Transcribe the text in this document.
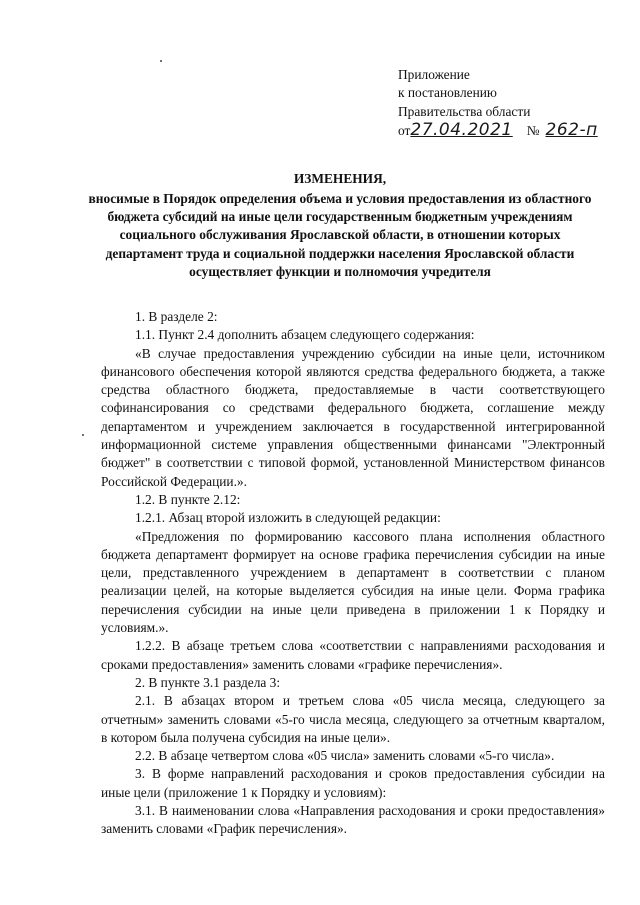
Приложение
к постановлению
Правительства области
от27.04.2021 № 262-п
ИЗМЕНЕНИЯ,
вносимые в Порядок определения объема и условия предоставления из областного бюджета субсидий на иные цели государственным бюджетным учреждениям социального обслуживания Ярославской области, в отношении которых департамент труда и социальной поддержки населения Ярославской области осуществляет функции и полномочия учредителя

1. В разделе 2:

1.1. Пункт 2.4 дополнить абзацем следующего содержания:

«В случае предоставления учреждению субсидии на иные цели, источником финансового обеспечения которой являются средства федерального бюджета, а также средства областного бюджета, предоставляемые в части соответствующего софинансирования со средствами федерального бюджета, соглашение между департаментом и учреждением заключается в государственной интегрированной информационной системе управления общественными финансами "Электронный бюджет" в соответствии с типовой формой, установленной Министерством финансов Российской Федерации.».

1.2. В пункте 2.12:

1.2.1. Абзац второй изложить в следующей редакции:

«Предложения по формированию кассового плана исполнения областного бюджета департамент формирует на основе графика перечисления субсидии на иные цели, представленного учреждением в департамент в соответствии с планом реализации целей, на которые выделяется субсидия на иные цели. Форма графика перечисления субсидии на иные цели приведена в приложении 1 к Порядку и условиям.».

1.2.2. В абзаце третьем слова «соответствии с направлениями расходования и сроками предоставления» заменить словами «графике перечисления».

2. В пункте 3.1 раздела 3:

2.1. В абзацах втором и третьем слова «05 числа месяца, следующего за отчетным» заменить словами «5-го числа месяца, следующего за отчетным кварталом, в котором была получена субсидия на иные цели».

2.2. В абзаце четвертом слова «05 числа» заменить словами «5-го числа».

3. В форме направлений расходования и сроков предоставления субсидии на иные цели (приложение 1 к Порядку и условиям):

3.1. В наименовании слова «Направления расходования и сроки предоставления» заменить словами «График перечисления».
